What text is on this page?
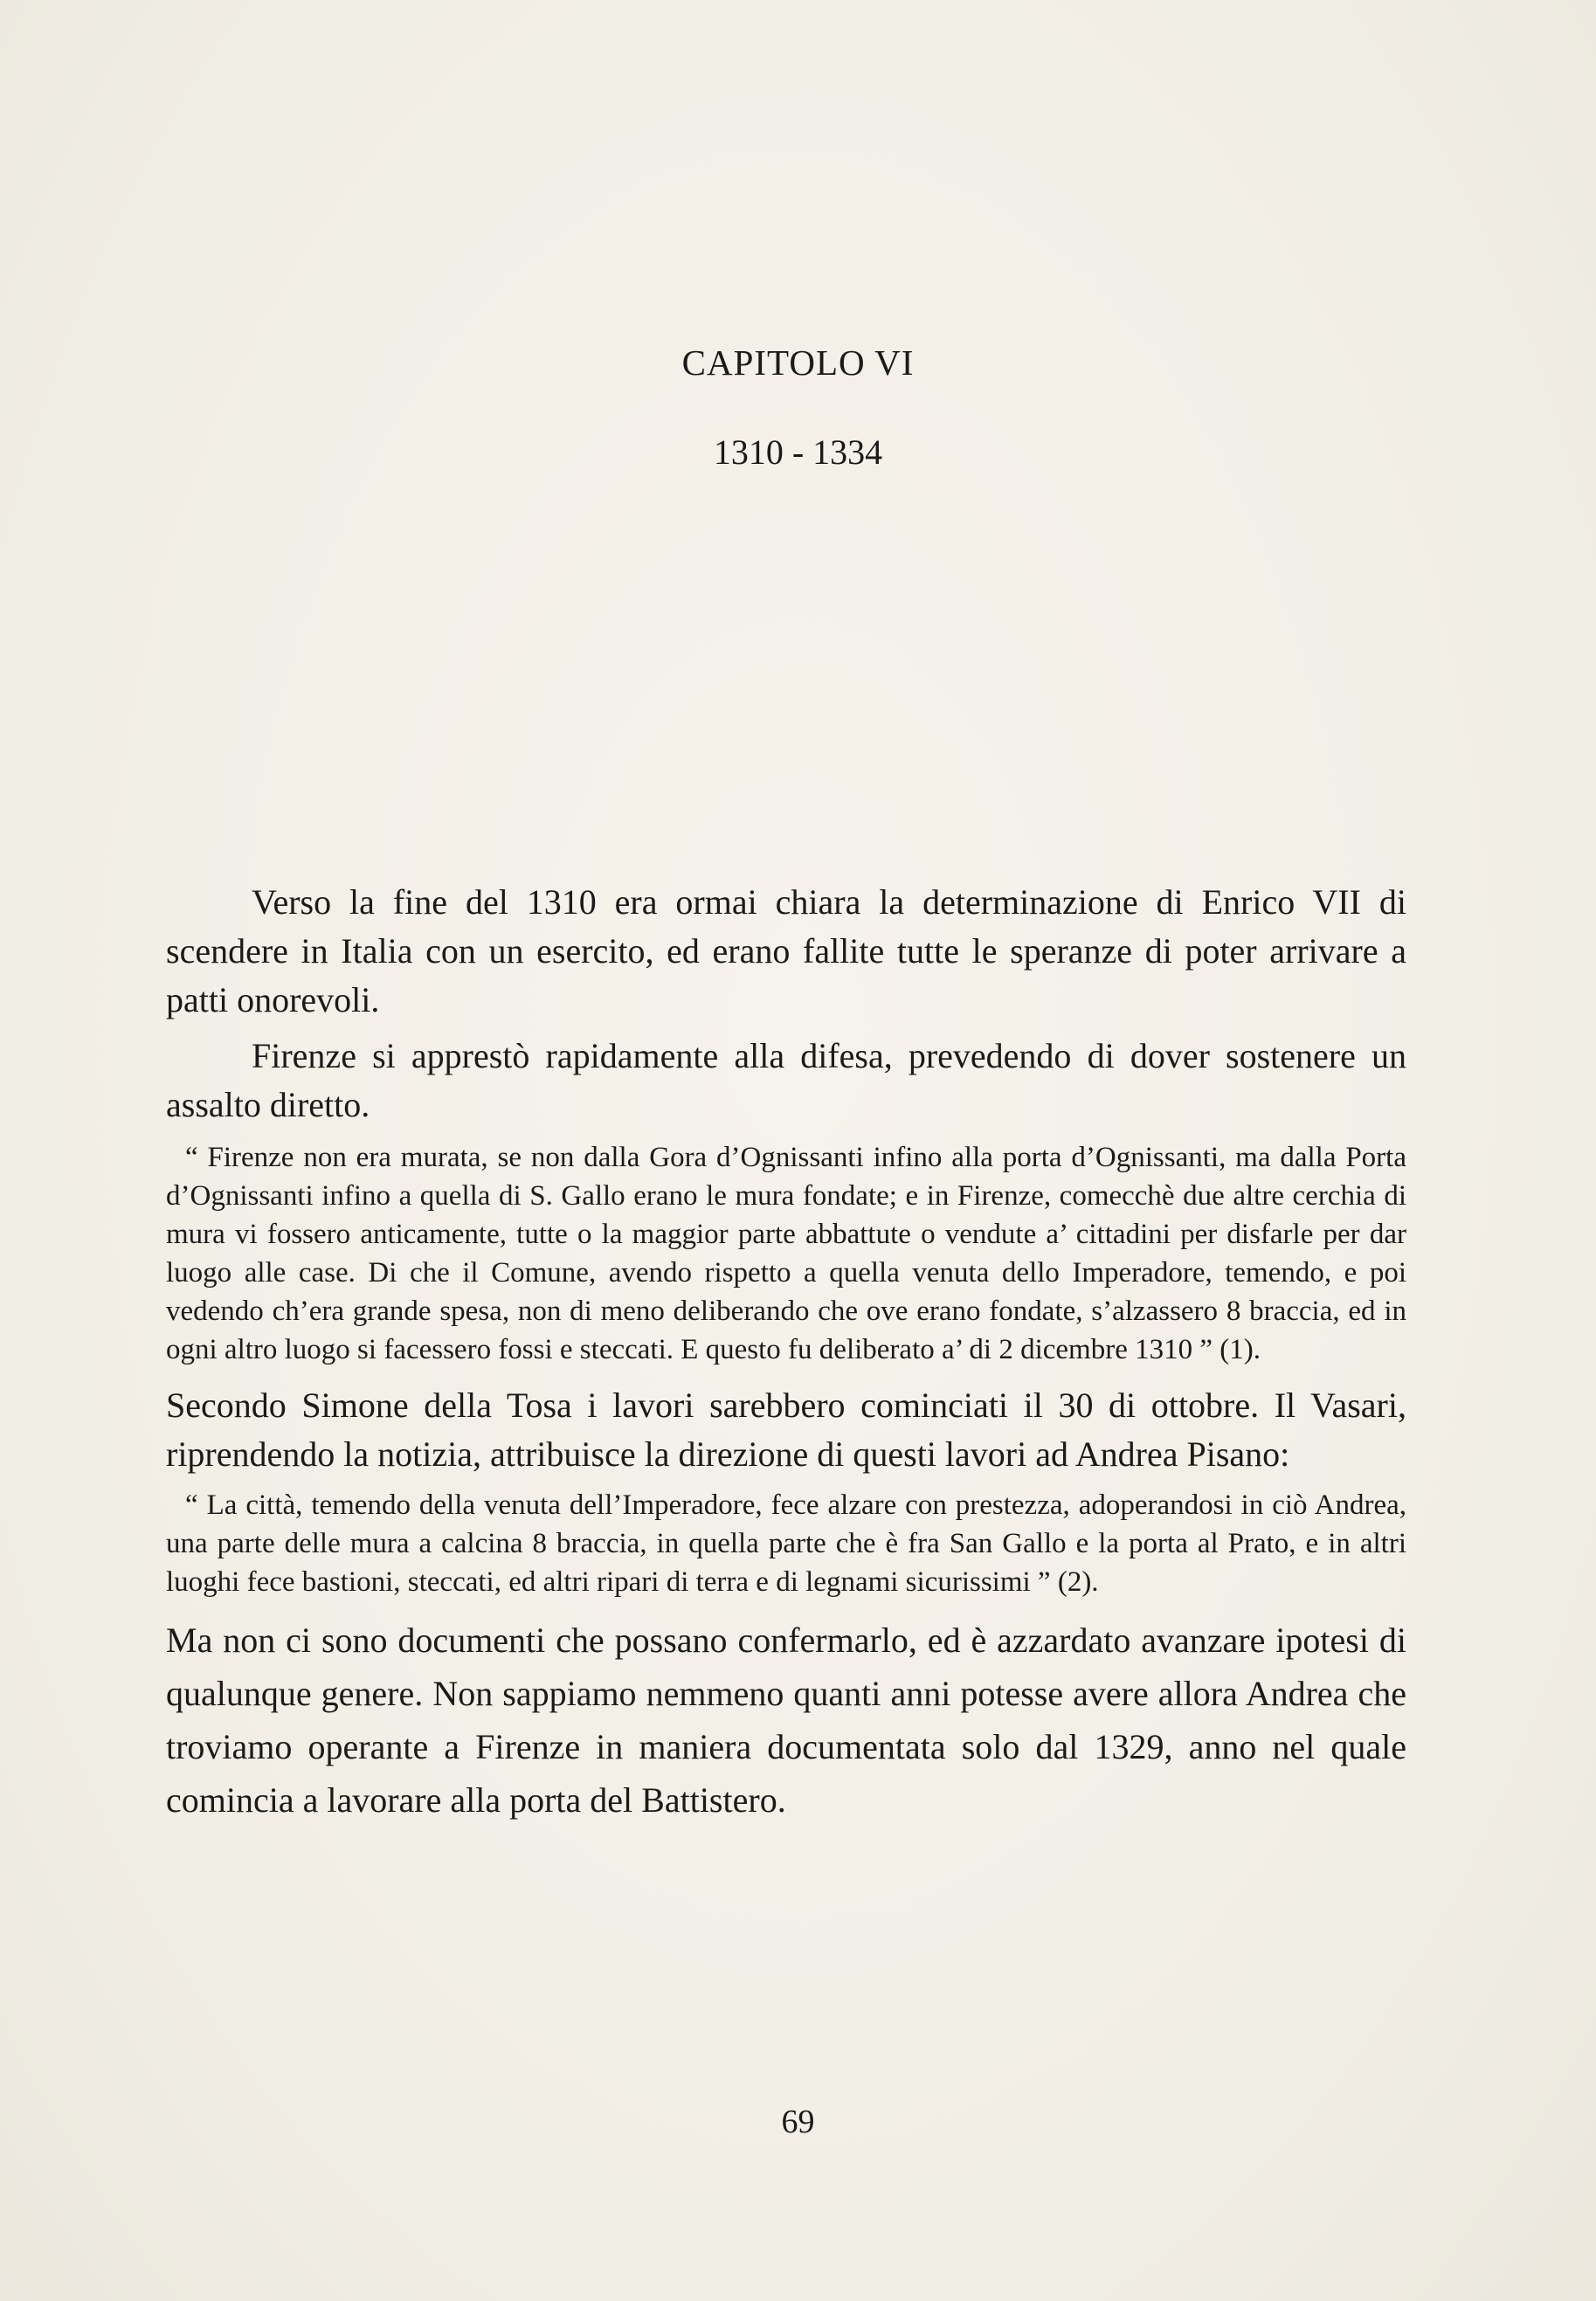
CAPITOLO VI
1310 - 1334

Verso la fine del 1310 era ormai chiara la determinazione di Enrico VII di scendere in Italia con un esercito, ed erano fallite tutte le speranze di poter arrivare a patti onorevoli.

Firenze si apprestò rapidamente alla difesa, prevedendo di dover sostenere un assalto diretto.

“ Firenze non era murata, se non dalla Gora d’Ognissanti infino alla porta d’Ognissanti, ma dalla Porta d’Ognissanti infino a quella di S. Gallo erano le mura fondate; e in Firenze, comecchè due altre cerchia di mura vi fossero anticamente, tutte o la maggior parte abbattute o vendute a’ cittadini per disfarle per dar luogo alle case. Di che il Comune, avendo rispetto a quella venuta dello Imperadore, temendo, e poi vedendo ch’era grande spesa, non di meno deliberando che ove erano fondate, s’alzassero 8 braccia, ed in ogni altro luogo si facessero fossi e steccati. E questo fu deliberato a’ di 2 dicembre 1310 ” (1).

Secondo Simone della Tosa i lavori sarebbero cominciati il 30 di ottobre. Il Vasari, riprendendo la notizia, attribuisce la direzione di questi lavori ad Andrea Pisano:

“ La città, temendo della venuta dell’Imperadore, fece alzare con prestezza, adoperandosi in ciò Andrea, una parte delle mura a calcina 8 braccia, in quella parte che è fra San Gallo e la porta al Prato, e in altri luoghi fece bastioni, steccati, ed altri ripari di terra e di legnami sicurissimi ” (2).

Ma non ci sono documenti che possano confermarlo, ed è azzardato avanzare ipotesi di qualunque genere. Non sappiamo nemmeno quanti anni potesse avere allora Andrea che troviamo operante a Firenze in maniera documentata solo dal 1329, anno nel quale comincia a lavorare alla porta del Battistero.

69
